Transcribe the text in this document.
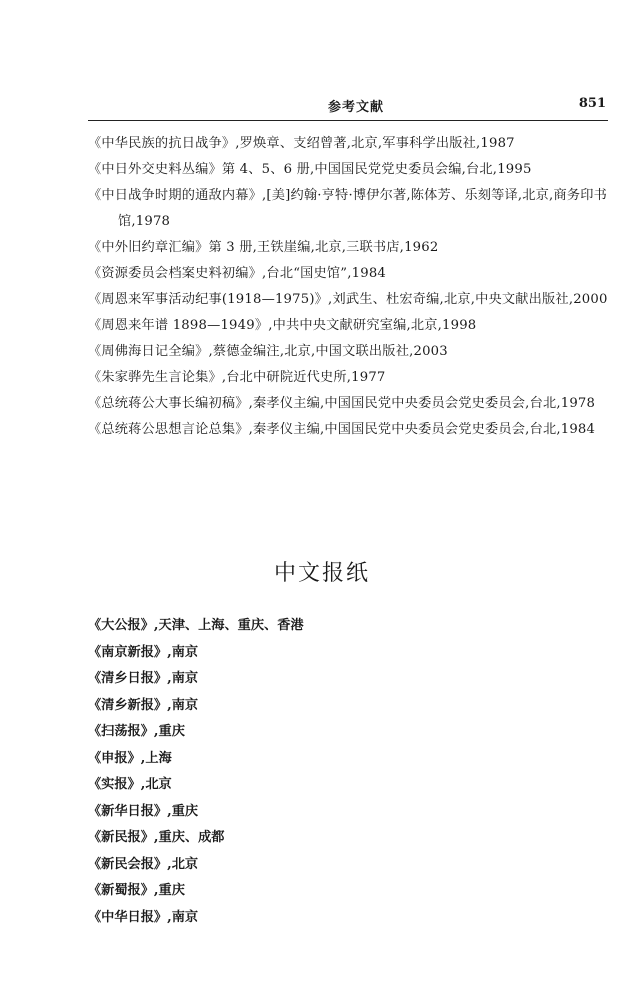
参考文献	851
《中华民族的抗日战争》,罗焕章、支绍曾著,北京,军事科学出版社,1987
《中日外交史料丛编》第 4、5、6 册,中国国民党党史委员会编,台北,1995
《中日战争时期的通敌内幕》,[美]约翰·亨特·博伊尔著,陈体芳、乐刻等译,北京,商务印书馆,1978
《中外旧约章汇编》第 3 册,王铁崖编,北京,三联书店,1962
《资源委员会档案史料初编》,台北“国史馆”,1984
《周恩来军事活动纪事(1918—1975)》,刘武生、杜宏奇编,北京,中央文献出版社,2000
《周恩来年谱 1898—1949》,中共中央文献研究室编,北京,1998
《周佛海日记全编》,蔡德金编注,北京,中国文联出版社,2003
《朱家骅先生言论集》,台北中研院近代史所,1977
《总统蒋公大事长编初稿》,秦孝仪主编,中国国民党中央委员会党史委员会,台北,1978
《总统蒋公思想言论总集》,秦孝仪主编,中国国民党中央委员会党史委员会,台北,1984
中文报纸
《大公报》,天津、上海、重庆、香港
《南京新报》,南京
《清乡日报》,南京
《清乡新报》,南京
《扫荡报》,重庆
《申报》,上海
《实报》,北京
《新华日报》,重庆
《新民报》,重庆、成都
《新民会报》,北京
《新蜀报》,重庆
《中华日报》,南京
